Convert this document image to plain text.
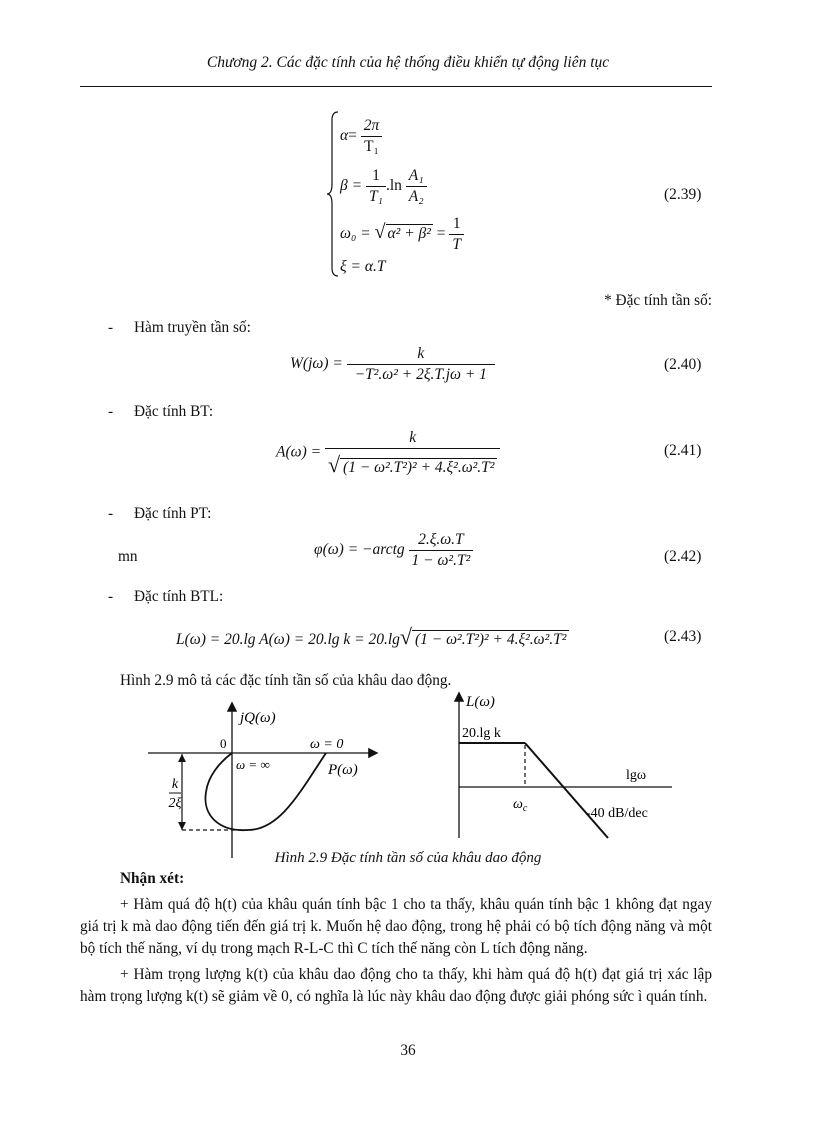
Chương 2. Các đặc tính của hệ thống điều khiển tự động liên tục
$\alpha= \frac{2\pi}{\text{T₁}}$
$\beta = \frac{1}{\text{T₁}} .\ln \frac{\text{A₁}}{\text{A₂}}$
ω₀ = √ $\alpha^2 + \beta^2 = \frac{1}{T}$
ξ = α.T
(2.39)
* Đặc tính tần số:
- Hàm truyền tần số:
$W(j\omega) = \frac{k}{\text{−T².ω² + 2ξ.T.jω + 1}}$	(2.40)
- Đặc tính BT:
$A(\omega) = \frac{k}{\text{√ (1 − ω².T²)² + 4.ξ².ω².T²}}$	(2.41)
- Đặc tính PT:
mn	φ(ω) = −arctg $\frac{2.\xi.\omega.T}{\text{1 − ω².T²}}$	(2.42)
- Đặc tính BTL:
L(ω) = 20.lg A(ω) = 20.lg k = 20.lg√ (1 − ω².T²)² + 4.ξ².ω².T²	(2.43)
Hình 2.9 mô tả các đặc tính tần số của khâu dao động.
k
2ξ
0
jQ(ω)
ω = 0
ω = ∞	P(ω)
L(ω)
20.lg k
lgω
$\omega_c$	-40 dB/dec
Hình 2.9 Đặc tính tần số của khâu dao động
Nhận xét:
+ Hàm quá độ h(t) của khâu quán tính bậc 1 cho ta thấy, khâu quán tính bậc 1 không đạt ngay giá trị k mà dao động tiến đến giá trị k. Muốn hệ dao động, trong hệ phải có bộ tích động năng và một bộ tích thế năng, ví dụ trong mạch R-L-C thì C tích thế năng còn L tích động năng.
+ Hàm trọng lượng k(t) của khâu dao động cho ta thấy, khi hàm quá độ h(t) đạt giá trị xác lập hàm trọng lượng k(t) sẽ giảm về 0, có nghĩa là lúc này khâu dao động được giải phóng sức ì quán tính.
36
